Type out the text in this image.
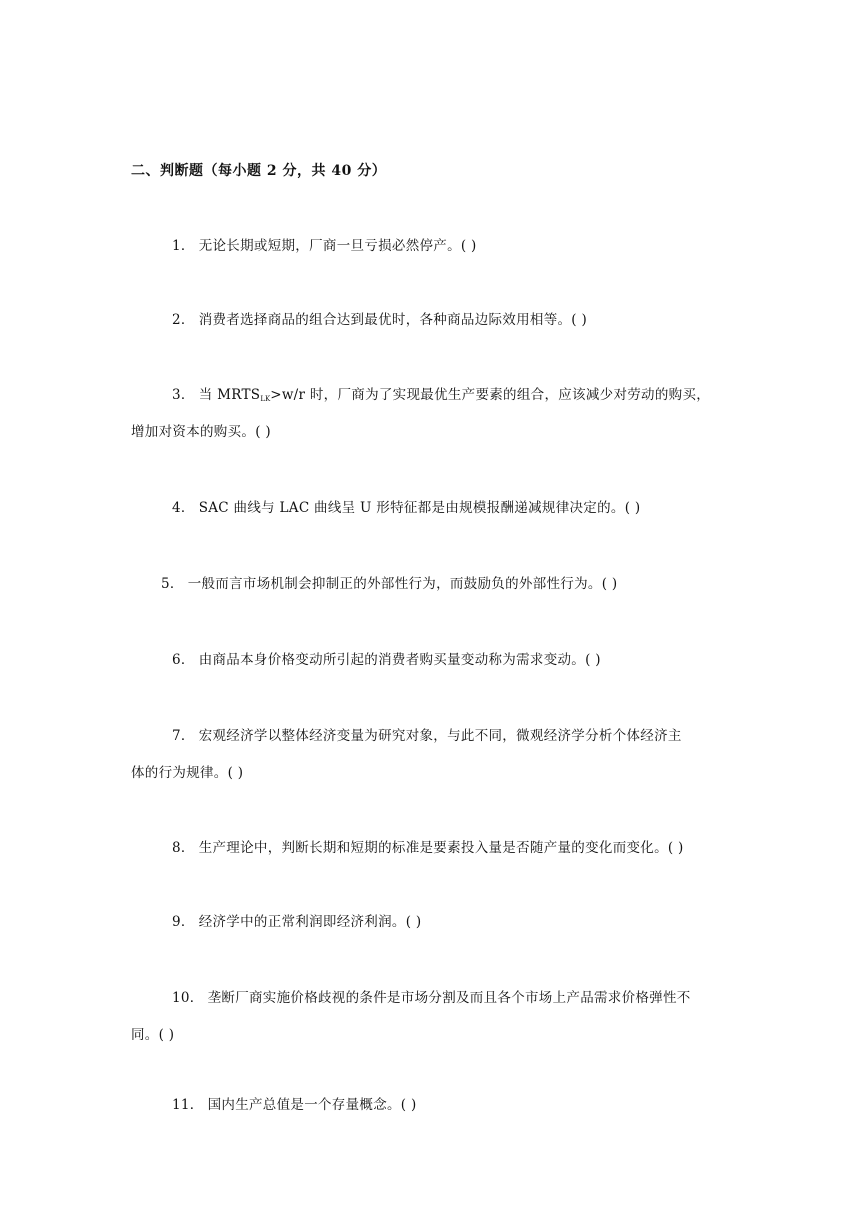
二、判断题（每小题 2 分，共 40 分）
1． 无论长期或短期，厂商一旦亏损必然停产。( )
2． 消费者选择商品的组合达到最优时，各种商品边际效用相等。( )
3． 当 $MRTS_{LK}>w/r$ 时，厂商为了实现最优生产要素的组合，应该减少对劳动的购买，
增加对资本的购买。( )
4． SAC 曲线与 LAC 曲线呈 U 形特征都是由规模报酬递减规律决定的。( )
5． 一般而言市场机制会抑制正的外部性行为，而鼓励负的外部性行为。( )
6． 由商品本身价格变动所引起的消费者购买量变动称为需求变动。( )
7． 宏观经济学以整体经济变量为研究对象，与此不同，微观经济学分析个体经济主
体的行为规律。( )
8． 生产理论中，判断长期和短期的标准是要素投入量是否随产量的变化而变化。( )
9． 经济学中的正常利润即经济利润。( )
10． 垄断厂商实施价格歧视的条件是市场分割及而且各个市场上产品需求价格弹性不
同。( )
11． 国内生产总值是一个存量概念。( )
